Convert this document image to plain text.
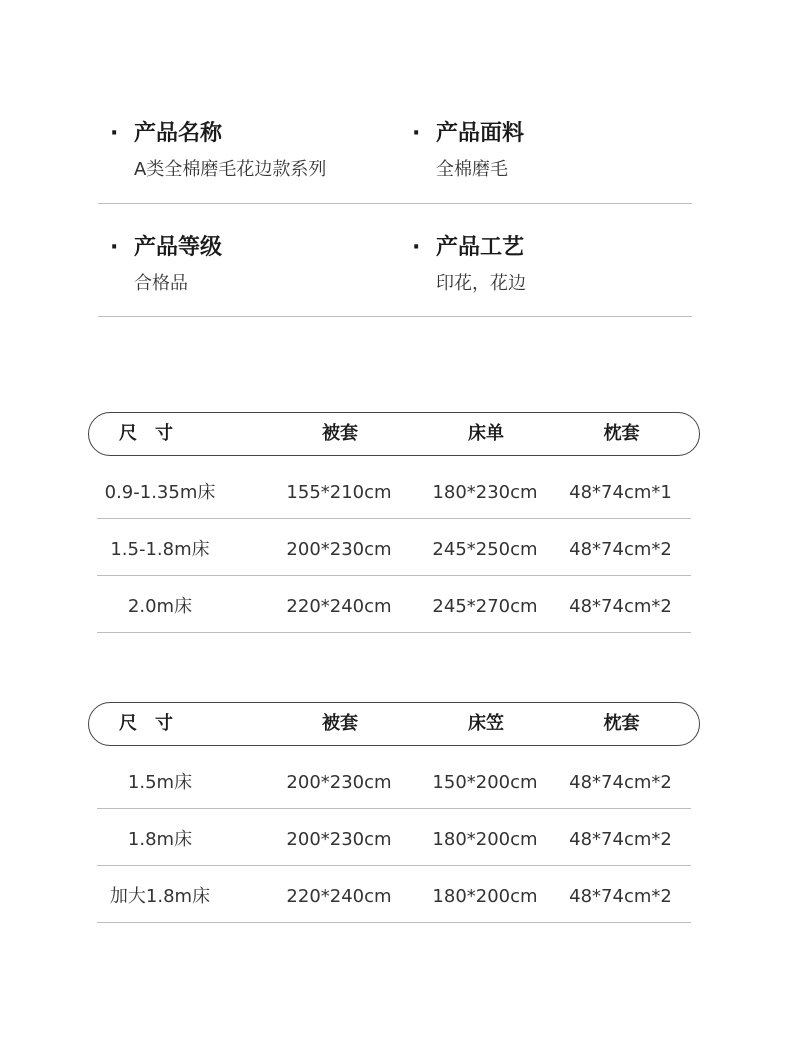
· 产品名称
A类全棉磨毛花边款系列
· 产品面料
全棉磨毛
· 产品等级
合格品
· 产品工艺
印花，花边
尺寸	被套	床单	枕套
0.9-1.35m床	155*210cm	180*230cm	48*74cm*1
1.5-1.8m床	200*230cm	245*250cm	48*74cm*2
2.0m床	220*240cm	245*270cm	48*74cm*2
尺寸	被套	床笠	枕套
1.5m床	200*230cm	150*200cm	48*74cm*2
1.8m床	200*230cm	180*200cm	48*74cm*2
加大1.8m床	220*240cm	180*200cm	48*74cm*2
